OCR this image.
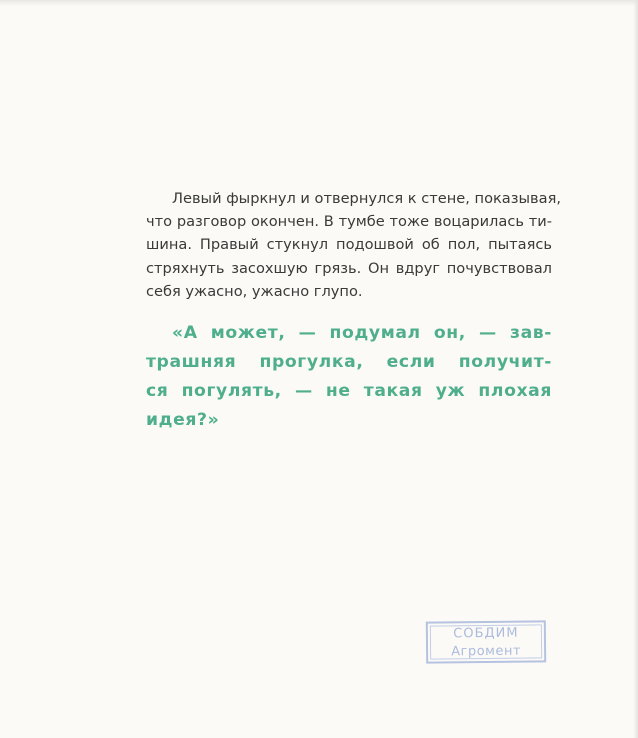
Левый фыркнул и отвернулся к стене, показывая,
что разговор окончен. В тумбе тоже воцарилась ти-
шина. Правый стукнул подошвой об пол, пытаясь
стряхнуть засохшую грязь. Он вдруг почувствовал
себя ужасно, ужасно глупо.
«А может, — подумал он, — зав-
трашняя прогулка, если получит-
ся погулять, — не такая уж плохая
идея?»
СОБДИМ
Агромент
